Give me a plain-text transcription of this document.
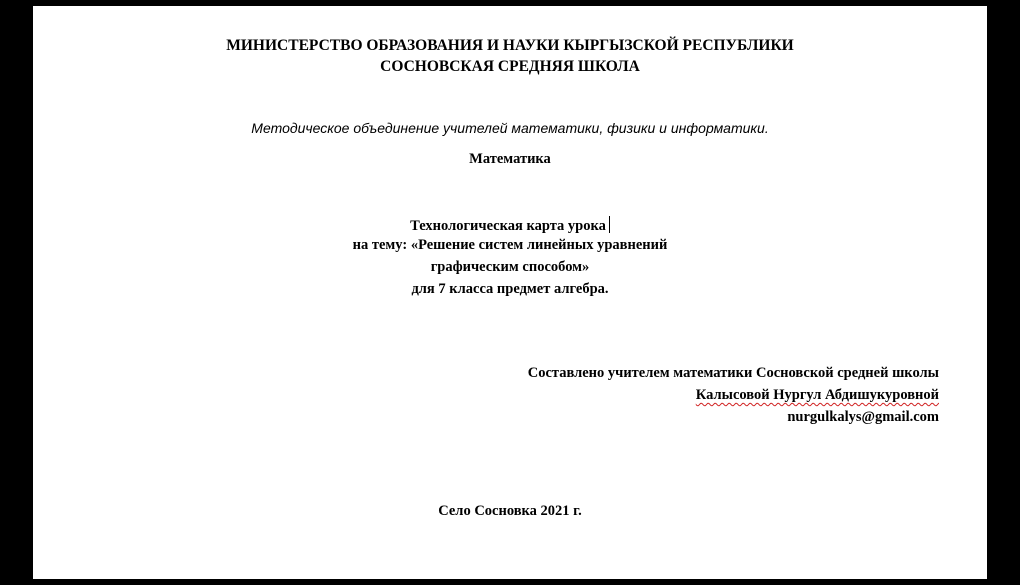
МИНИСТЕРСТВО ОБРАЗОВАНИЯ И НАУКИ КЫРГЫЗСКОЙ РЕСПУБЛИКИ
СОСНОВСКАЯ СРЕДНЯЯ ШКОЛА
Методическое объединение учителей математики, физики и информатики.
Математика
Технологическая карта урока
на тему: «Решение систем линейных уравнений
графическим способом»
для 7 класса предмет алгебра.
Составлено учителем математики Сосновской средней школы
Калысовой Нургул Абдишукуровной
nurgulkalys@gmail.com
Село Сосновка 2021 г.
